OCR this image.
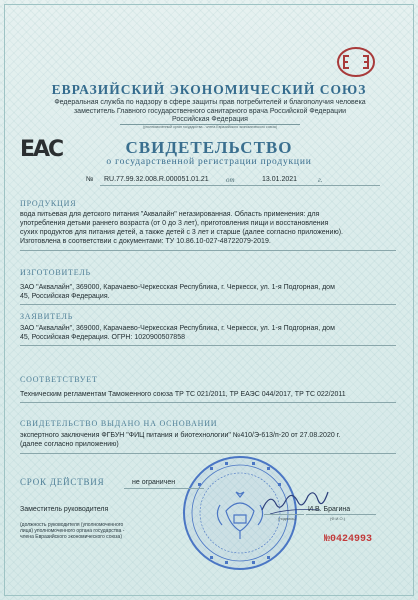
ЕВРАЗИЙСКИЙ ЭКОНОМИЧЕСКИЙ СОЮЗ
Федеральная служба по надзору в сфере защиты прав потребителей и благополучия человека
заместитель Главного государственного санитарного врача Российской Федерации
Российская Федерация
(уполномоченный орган государства - члена Евразийского экономического союза)
ЕАС	СВИДЕТЕЛЬСТВО
о государственной регистрации продукции
№ RU.77.99.32.008.R.000051.01.21 от	13.01.2021	г.
ПРОДУКЦИЯ
вода питьевая для детского питания "Аквалайн" негазированная. Область применения: для
употребления детьми раннего возраста (от 0 до 3 лет), приготовления пищи и восстановления
сухих продуктов для питания детей, а также детей с 3 лет и старше (далее согласно приложению).
Изготовлена в соответствии с документами: ТУ 10.86.10-027-48722079-2019.
ИЗГОТОВИТЕЛЬ
ЗАО "Аквалайн", 369000, Карачаево-Черкесская Республика, г. Черкесск, ул. 1-я Подгорная, дом
45, Российская Федерация.
ЗАЯВИТЕЛЬ
ЗАО "Аквалайн", 369000, Карачаево-Черкесская Республика, г. Черкесск, ул. 1-я Подгорная, дом
45, Российская Федерация. ОГРН: 1020900507858
СООТВЕТСТВУЕТ
Техническим регламентам Таможенного союза ТР ТС 021/2011, ТР ЕАЭС 044/2017, ТР ТС 022/2011
СВИДЕТЕЛЬСТВО ВЫДАНО НА ОСНОВАНИИ
экспертного заключения ФГБУН "ФИЦ питания и биотехнологии" №410/Э-613/п-20 от 27.08.2020 г.
(далее согласно приложению)
СРОК ДЕЙСТВИЯ	не ограничен
Заместитель руководителя	И.В. Брагина
(подпись)	(Ф.И.О.)
(должность руководителя (уполномоченного
лица) уполномоченного органа государства -
члена Евразийского экономического союза)	№0424993
